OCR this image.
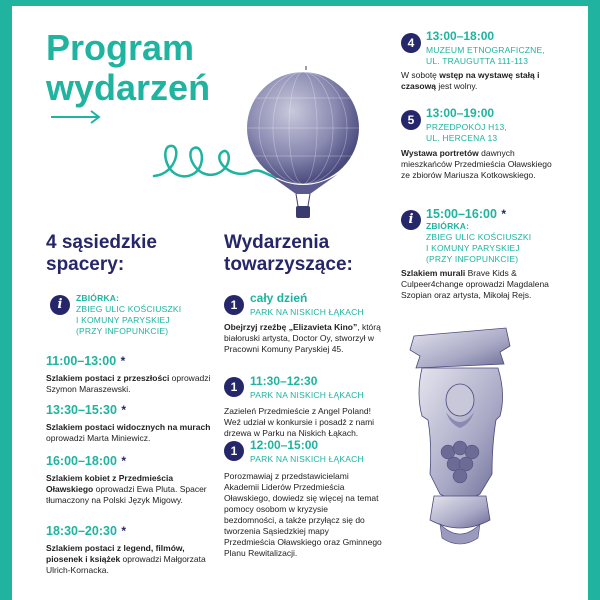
Program
wydarzeń
4 sąsiedzkie
spacery:
i	ZBIÓRKA:
ZBIEG ULIC KOŚCIUSZKI
I KOMUNY PARYSKIEJ
(PRZY INFOPUNKCIE)
11:00–13:00 *
Szlakiem postaci z przeszłości oprowadzi Szymon Maraszewski.
13:30–15:30 *
Szlakiem postaci widocznych na murach oprowadzi Marta Miniewicz.
16:00–18:00 *
Szlakiem kobiet z Przedmieścia Oławskiego oprowadzi Ewa Pluta. Spacer tłumaczony na Polski Język Migowy.
18:30–20:30 *
Szlakiem postaci z legend, filmów, piosenek i książek oprowadzi Małgorzata Ulrich-Kornacka.
Wydarzenia
towarzyszące:
1	cały dzień
PARK NA NISKICH ŁĄKACH
Obejrzyj rzeźbę „Elizavieta Kino”, którą białoruski artysta, Doctor Oy, stworzył w Pracowni Komuny Paryskiej 45.
1	11:30–12:30
PARK NA NISKICH ŁĄKACH
Zazieleń Przedmieście z Angel Poland! Weź udział w konkursie i posadź z nami drzewa w Parku na Niskich Łąkach.
1	12:00–15:00
PARK NA NISKICH ŁĄKACH
Porozmawiaj z przedstawicielami Akademii Liderów Przedmieścia Oławskiego, dowiedz się więcej na temat pomocy osobom w kryzysie bezdomności, a także przyłącz się do tworzenia Sąsiedzkiej mapy Przedmieścia Oławskiego oraz Gminnego Planu Rewitalizacji.
4 13:00–18:00
MUZEUM ETNOGRAFICZNE,
UL. TRAUGUTTA 111-113
W sobotę wstęp na wystawę stałą i czasową jest wolny.
5 13:00–19:00
PRZEDPOKÓJ H13,
UL. HERCENA 13
Wystawa portretów dawnych mieszkańców Przedmieścia Oławskiego ze zbiorów Mariusza Kotkowskiego.
i	15:00–16:00 *
ZBIÓRKA:
ZBIEG ULIC KOŚCIUSZKI
I KOMUNY PARYSKIEJ
(PRZY INFOPUNKCIE)
Szlakiem murali Brave Kids & Culpeer4change oprowadzi Magdalena Szopian oraz artysta, Mikołaj Rejs.
